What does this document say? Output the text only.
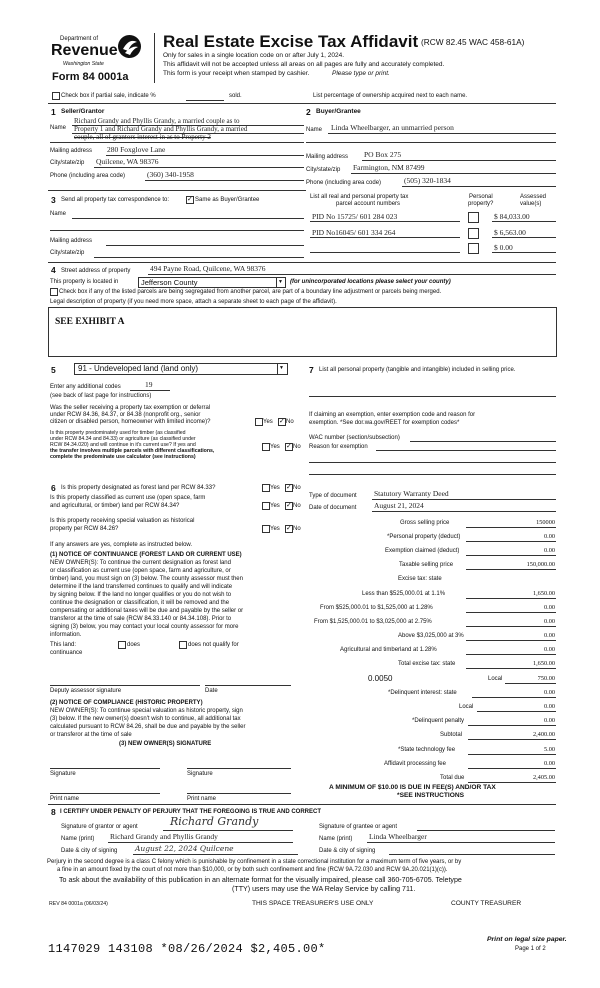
Department of
Revenue
Washington State
Form 84 0001a
Real Estate Excise Tax Affidavit (RCW 82.45 WAC 458-61A)
Only for sales in a single location code on or after July 1, 2024.
This affidavit will not be accepted unless all areas on all pages are fully and accurately completed.
This form is your receipt when stamped by cashier.	Please type or print.
Check box if partial sale, indicate %	sold.	List percentage of ownership acquired next to each name.
1 Seller/Grantor
Name
Richard Grandy and Phyllis Grandy, a married couple as to
Property 1 and Richard Grandy and Phyllis Grandy, a married
couple, all of grantors interest in as to Property 2
Mailing address 280 Foxglove Lane
City/state/zip Quilcene, WA 98376
Phone (including area code)	(360) 340-1958
2 Buyer/Grantee
Name Linda Wheelbarger, an unmarried person
Mailing address PO Box 275
City/state/zip Farmington, NM 87499
Phone (including area code)	(505) 320-1834
3 Send all property tax correspondence to:	✓ Same as Buyer/Grantee
Name
Mailing address
City/state/zip
List all real and personal property tax
parcel account numbers
Personal
property?
Assessed
value(s)
PID No 15725/ 601 284 023	$ 84,033.00
PID No16045/ 601 334 264	$ 6,563.00
$ 0.00
4 Street address of property	494 Payne Road, Quilcene, WA 98376
This property is located in	Jefferson County	▼ (for unincorporated locations please select your county)
Check box if any of the listed parcels are being segregated from another parcel, are part of a boundary line adjustment or parcels being merged.
Legal description of property (if you need more space, attach a separate sheet to each page of the affidavit).
SEE EXHIBIT A
5	91 - Undeveloped land (land only)	▼
Enter any additional codes	19
(see back of last page for instructions)
Was the seller receiving a property tax exemption or deferral
under RCW 84.36, 84.37, or 84.38 (nonprofit org., senior
citizen or disabled person, homeowner with limited income)?	Yes ✓ No
Is this property predominately used for timber (as classified
under RCW 84.34 and 84.33) or agriculture (as classified under
RCW 84.34.020) and will continue in it's current use? If yes and
the transfer involves multiple parcels with different classifications,
complete the predominate use calculator (see instructions)
Yes ✓ No
7 List all personal property (tangible and intangible) included in selling price.
If claiming an exemption, enter exemption code and reason for
exemption. *See dor.wa.gov/REET for exemption codes*
WAC number (section/subsection)
Reason for exemption
Type of document Statutory Warranty Deed
Date of document August 21, 2024
Gross selling price	150000
*Personal property (deduct)	0.00
Exemption claimed (deduct)	0.00
Taxable selling price	150,000.00
Excise tax: state
Less than $525,000.01 at 1.1%	1,650.00
From $525,000.01 to $1,525,000 at 1.28%	0.00
From $1,525,000.01 to $3,025,000 at 2.75%	0.00
Above $3,025,000 at 3%	0.00
Agricultural and timberland at 1.28%	0.00
Total excise tax: state	1,650.00
0.0050	Local	750.00
*Delinquent interest: state	0.00
Local	0.00
*Delinquent penalty	0.00
Subtotal	2,400.00
*State technology fee	5.00
Affidavit processing fee	0.00
Total due	2,405.00
A MINIMUM OF $10.00 IS DUE IN FEE(S) AND/OR TAX
*SEE INSTRUCTIONS
6 Is this property designated as forest land per RCW 84.33?	Yes ✓ No
Is this property classified as current use (open space, farm
and agricultural, or timber) land per RCW 84.34?	Yes ✓ No
Is this property receiving special valuation as historical
property per RCW 84.26?	Yes ✓ No
If any answers are yes, complete as instructed below.
(1) NOTICE OF CONTINUANCE (FOREST LAND OR CURRENT USE)
NEW OWNER(S): To continue the current designation as forest land
or classification as current use (open space, farm and agriculture, or
timber) land, you must sign on (3) below. The county assessor must then
determine if the land transferred continues to qualify and will indicate
by signing below. If the land no longer qualifies or you do not wish to
continue the designation or classification, it will be removed and the
compensating or additional taxes will be due and payable by the seller or
transferor at the time of sale (RCW 84.33.140 or 84.34.108). Prior to
signing (3) below, you may contact your local county assessor for more
information.
This land:	does	does not qualify for
continuance
Deputy assessor signature	Date
(2) NOTICE OF COMPLIANCE (HISTORIC PROPERTY)
NEW OWNER(S): To continue special valuation as historic property, sign
(3) below. If the new owner(s) doesn't wish to continue, all additional tax
calculated pursuant to RCW 84.26, shall be due and payable by the seller
or transferor at the time of sale
(3) NEW OWNER(S) SIGNATURE
Signature	Signature
Print name	Print name
8 I CERTIFY UNDER PENALTY OF PERJURY THAT THE FOREGOING IS TRUE AND CORRECT
Signature of grantor or agent	Richard Grandy	Signature of grantee or agent
Name (print) Richard Grandy and Phyllis Grandy	Name (print) Linda Wheelbarger
Date & city of signing August 22, 2024 Quilcene	Date & city of signing
Perjury in the second degree is a class C felony which is punishable by confinement in a state correctional institution for a maximum term of five years, or by
a fine in an amount fixed by the court of not more than $10,000, or by both such confinement and fine (RCW 9A.72.030 and RCW 9A.20.021(1)(c)).
To ask about the availability of this publication in an alternate format for the visually impaired, please call 360-705-6705. Teletype
(TTY) users may use the WA Relay Service by calling 711.
REV 84 0001a (06/03/24)	THIS SPACE TREASURER'S USE ONLY	COUNTY TREASURER
1147029 143108 *08/26/2024 $2,405.00*
Print on legal size paper.
Page 1 of 2
